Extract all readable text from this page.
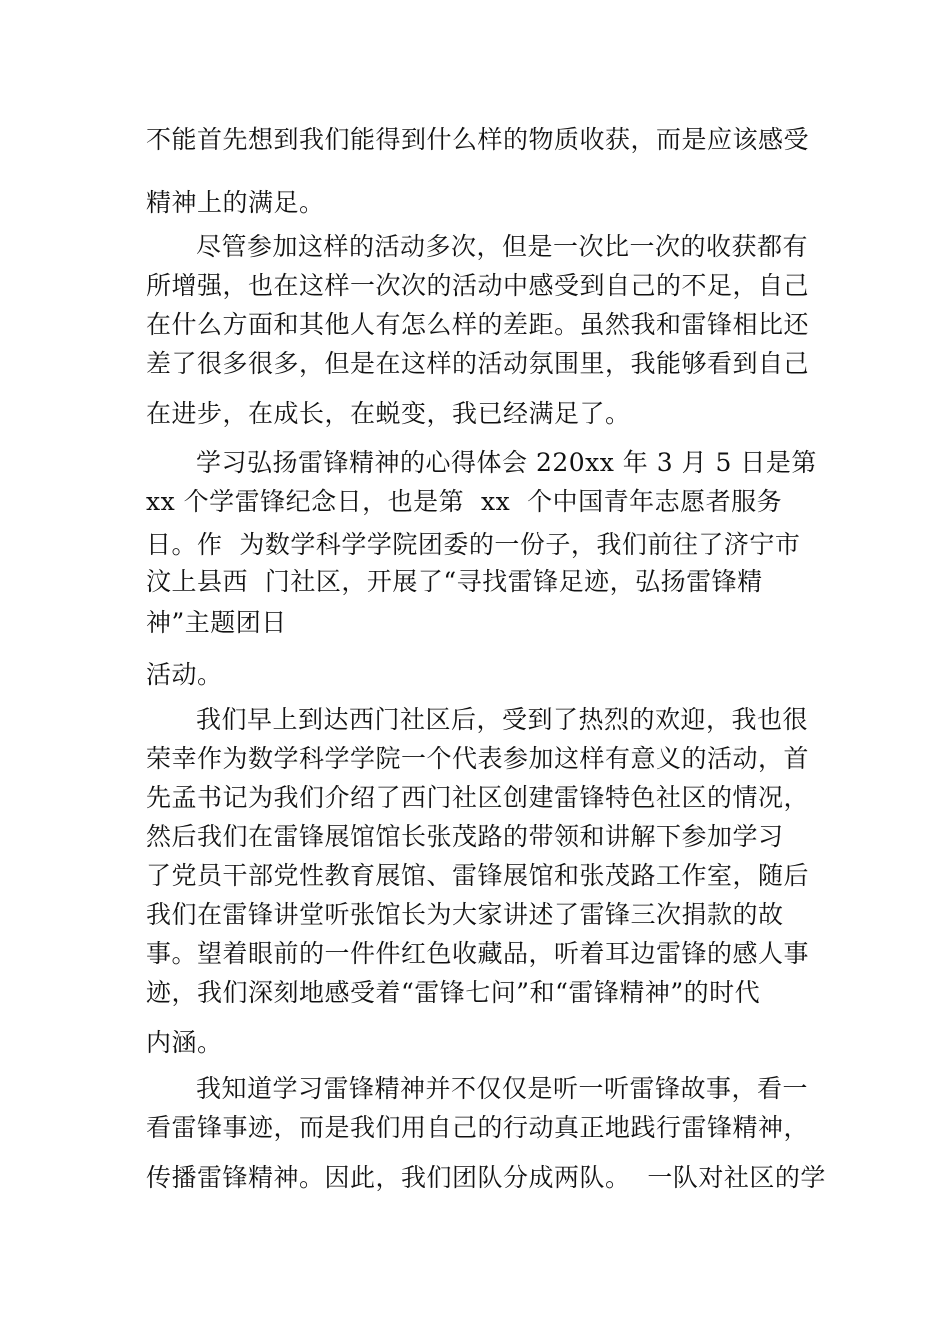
不能首先想到我们能得到什么样的物质收获，而是应该感受
精神上的满足。
尽管参加这样的活动多次，但是一次比一次的收获都有
所增强，也在这样一次次的活动中感受到自己的不足，自己
在什么方面和其他人有怎么样的差距。虽然我和雷锋相比还
差了很多很多，但是在这样的活动氛围里，我能够看到自己
在进步，在成长，在蜕变，我已经满足了。
学习弘扬雷锋精神的心得体会 220xx 年 3 月 5 日是第
xx 个学雷锋纪念日，也是第  xx  个中国青年志愿者服务
日。作  为数学科学学院团委的一份子，我们前往了济宁市
汶上县西  门社区，开展了“寻找雷锋足迹，弘扬雷锋精
神”主题团日
活动。
我们早上到达西门社区后，受到了热烈的欢迎，我也很
荣幸作为数学科学学院一个代表参加这样有意义的活动，首
先孟书记为我们介绍了西门社区创建雷锋特色社区的情况，
然后我们在雷锋展馆馆长张茂路的带领和讲解下参加学习
了党员干部党性教育展馆、雷锋展馆和张茂路工作室，随后
我们在雷锋讲堂听张馆长为大家讲述了雷锋三次捐款的故
事。望着眼前的一件件红色收藏品，听着耳边雷锋的感人事
迹，我们深刻地感受着“雷锋七问”和“雷锋精神”的时代
内涵。
我知道学习雷锋精神并不仅仅是听一听雷锋故事，看一
看雷锋事迹，而是我们用自己的行动真正地践行雷锋精神，
传播雷锋精神。因此，我们团队分成两队。  一队对社区的学
